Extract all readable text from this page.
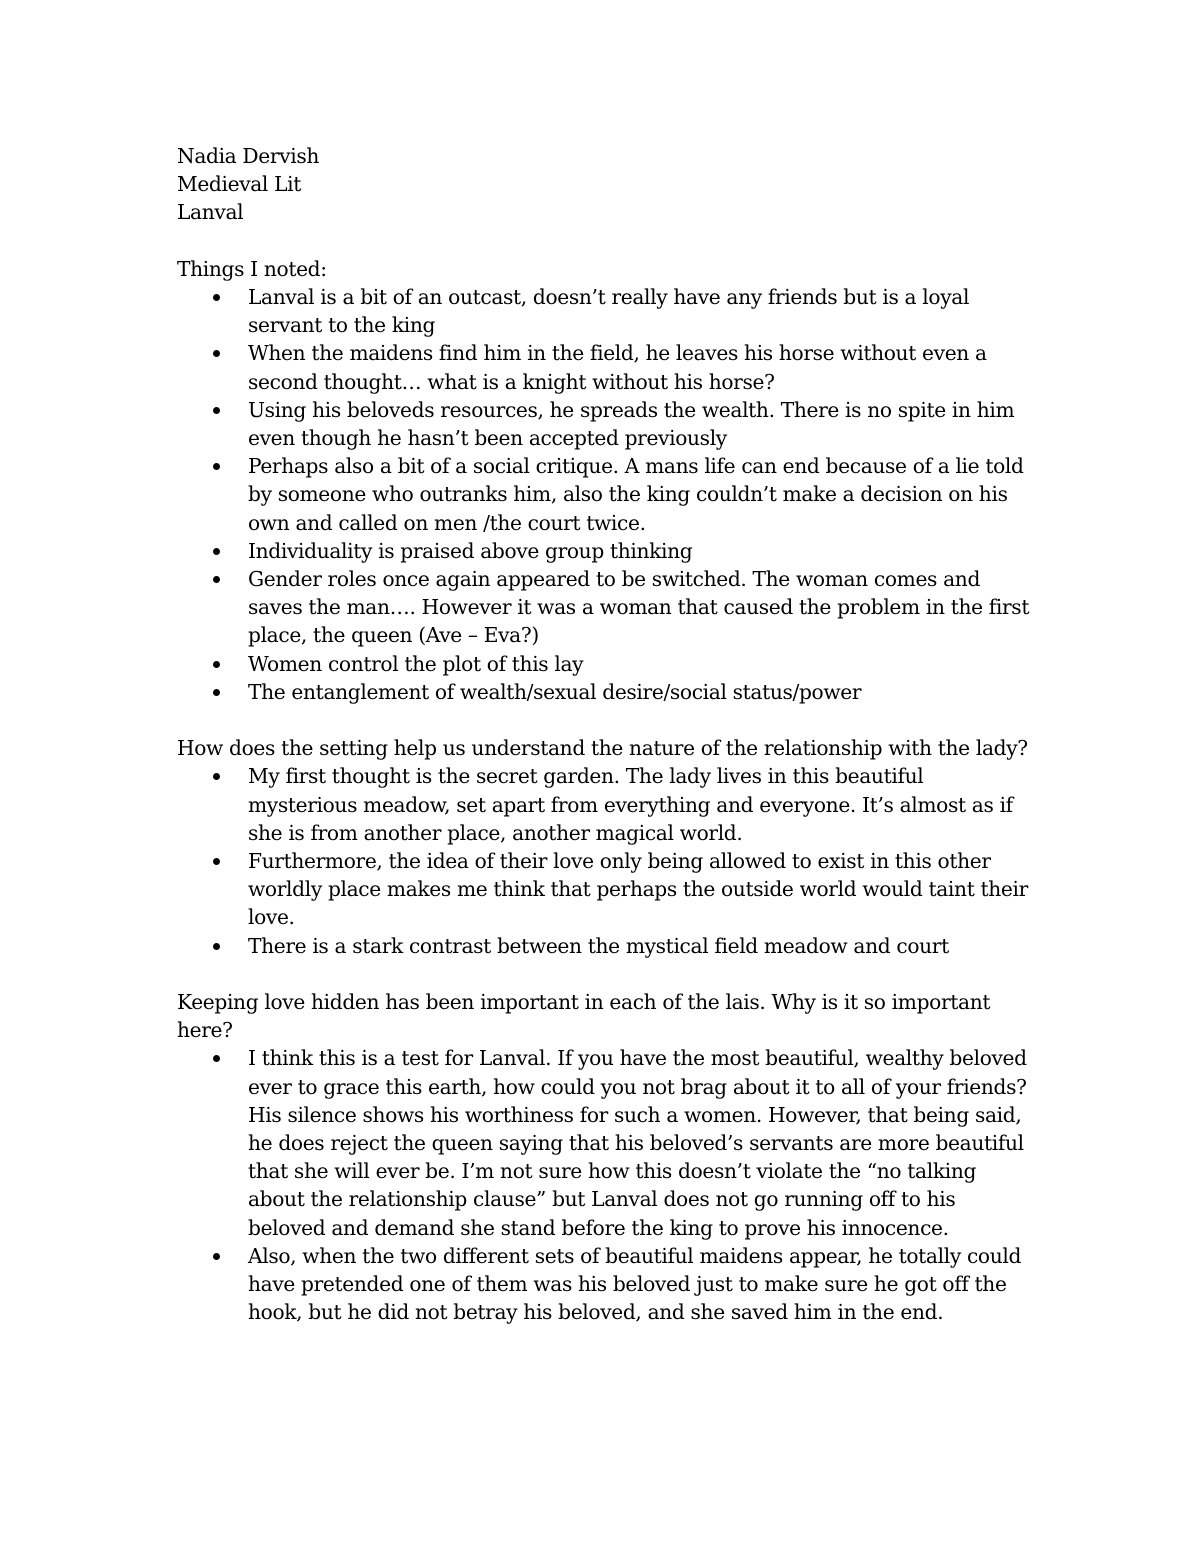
Nadia Dervish

Medieval Lit

Lanval

Things I noted:

Lanval is a bit of an outcast, doesn’t really have any friends but is a loyal servant to the king
When the maidens find him in the field, he leaves his horse without even a second thought… what is a knight without his horse?
Using his beloveds resources, he spreads the wealth. There is no spite in him even though he hasn’t been accepted previously
Perhaps also a bit of a social critique. A mans life can end because of a lie told by someone who outranks him, also the king couldn’t make a decision on his own and called on men /the court twice.
Individuality is praised above group thinking
Gender roles once again appeared to be switched. The woman comes and saves the man…. However it was a woman that caused the problem in the first place, the queen (Ave – Eva?)
Women control the plot of this lay
The entanglement of wealth/sexual desire/social status/power

How does the setting help us understand the nature of the relationship with the lady?

My first thought is the secret garden. The lady lives in this beautiful mysterious meadow, set apart from everything and everyone. It’s almost as if she is from another place, another magical world.
Furthermore, the idea of their love only being allowed to exist in this other worldly place makes me think that perhaps the outside world would taint their love.
There is a stark contrast between the mystical field meadow and court

Keeping love hidden has been important in each of the lais. Why is it so important here?

I think this is a test for Lanval. If you have the most beautiful, wealthy beloved ever to grace this earth, how could you not brag about it to all of your friends? His silence shows his worthiness for such a women. However, that being said, he does reject the queen saying that his beloved’s servants are more beautiful that she will ever be. I’m not sure how this doesn’t violate the “no talking about the relationship clause” but Lanval does not go running off to his beloved and demand she stand before the king to prove his innocence.
Also, when the two different sets of beautiful maidens appear, he totally could have pretended one of them was his beloved just to make sure he got off the hook, but he did not betray his beloved, and she saved him in the end.
